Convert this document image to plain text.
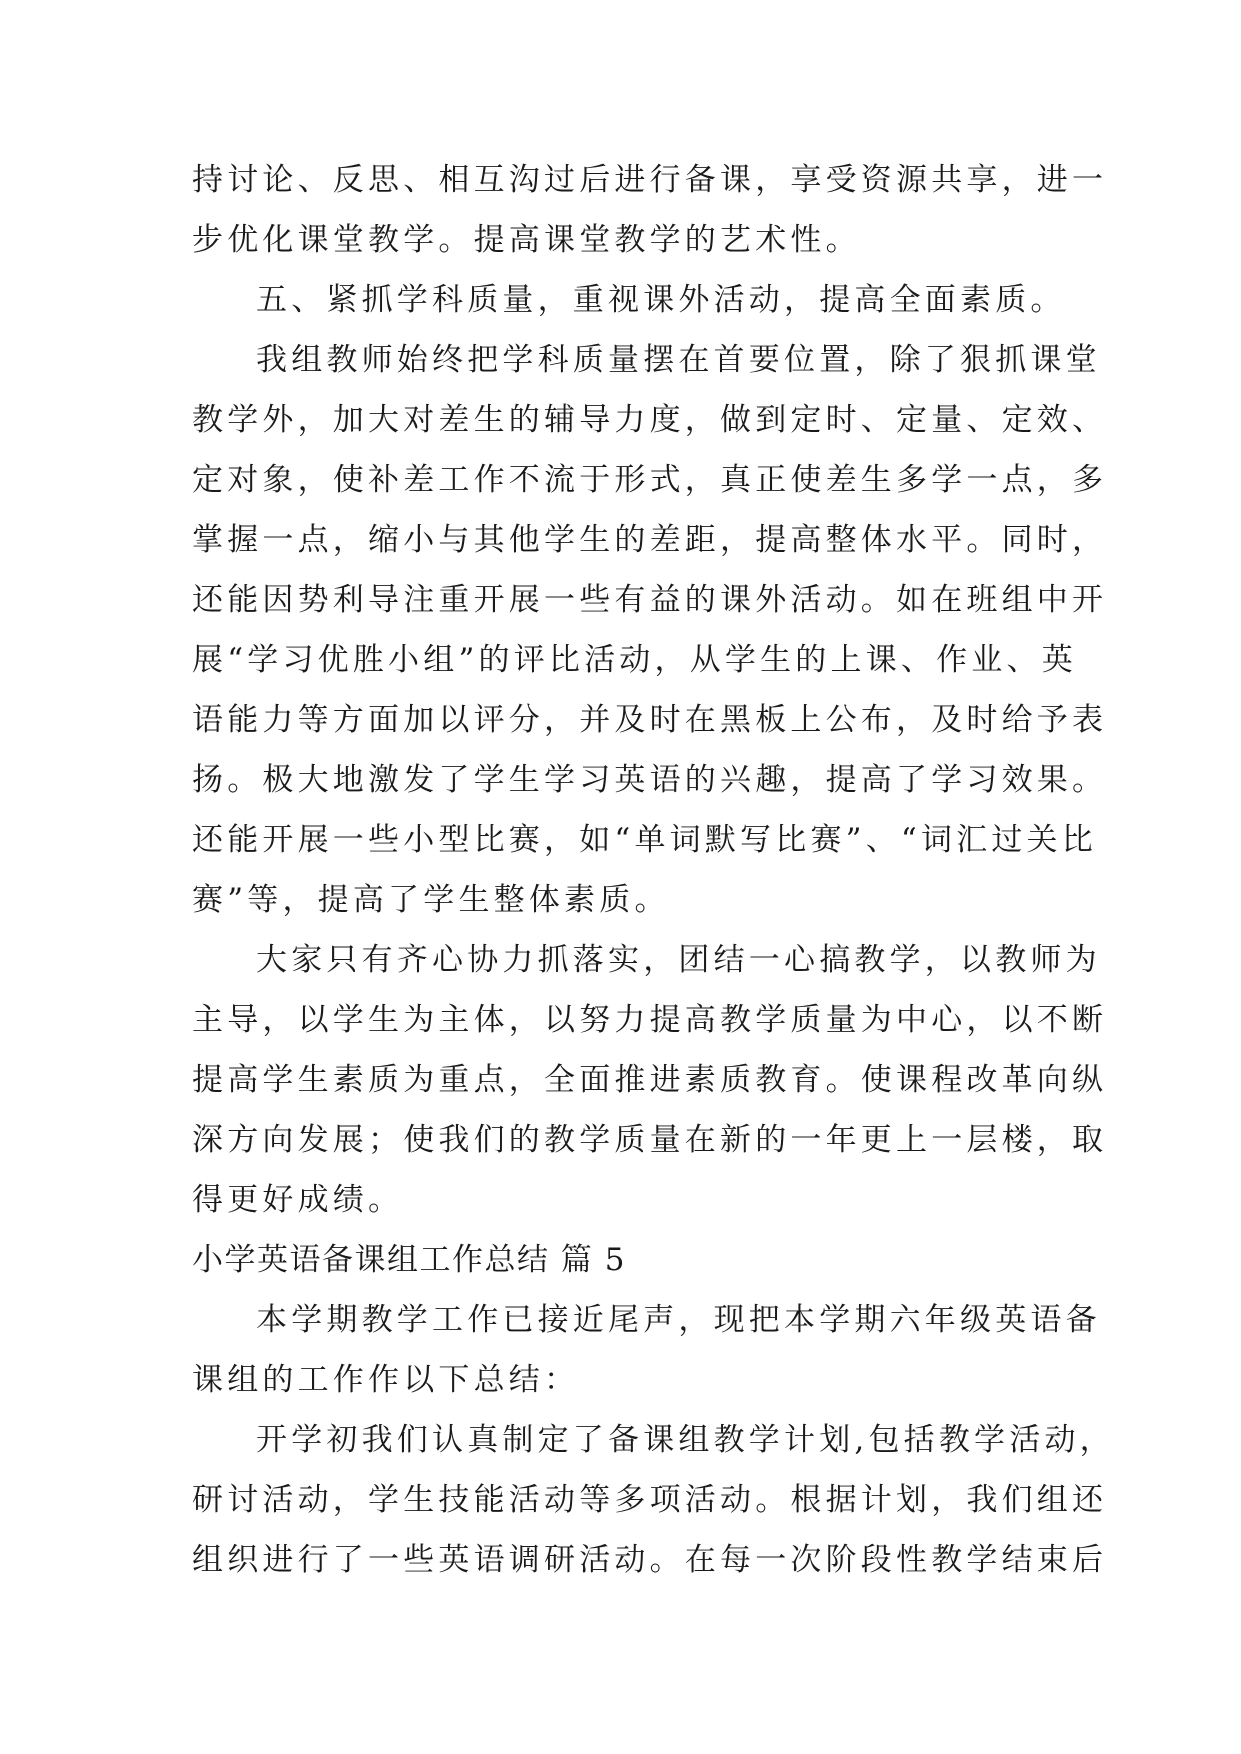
持讨论、反思、相互沟过后进行备课，享受资源共享，进一
步优化课堂教学。提高课堂教学的艺术性。
五、紧抓学科质量，重视课外活动，提高全面素质。
我组教师始终把学科质量摆在首要位置，除了狠抓课堂
教学外，加大对差生的辅导力度，做到定时、定量、定效、
定对象，使补差工作不流于形式，真正使差生多学一点，多
掌握一点，缩小与其他学生的差距，提高整体水平。同时，
还能因势利导注重开展一些有益的课外活动。如在班组中开
展“学习优胜小组”的评比活动，从学生的上课、作业、英
语能力等方面加以评分，并及时在黑板上公布，及时给予表
扬。极大地激发了学生学习英语的兴趣，提高了学习效果。
还能开展一些小型比赛，如“单词默写比赛”、“词汇过关比
赛”等，提高了学生整体素质。
大家只有齐心协力抓落实，团结一心搞教学，以教师为
主导，以学生为主体，以努力提高教学质量为中心，以不断
提高学生素质为重点，全面推进素质教育。使课程改革向纵
深方向发展；使我们的教学质量在新的一年更上一层楼，取
得更好成绩。
小学英语备课组工作总结 篇 5
本学期教学工作已接近尾声，现把本学期六年级英语备
课组的工作作以下总结：
开学初我们认真制定了备课组教学计划,包括教学活动，
研讨活动，学生技能活动等多项活动。根据计划，我们组还
组织进行了一些英语调研活动。在每一次阶段性教学结束后
